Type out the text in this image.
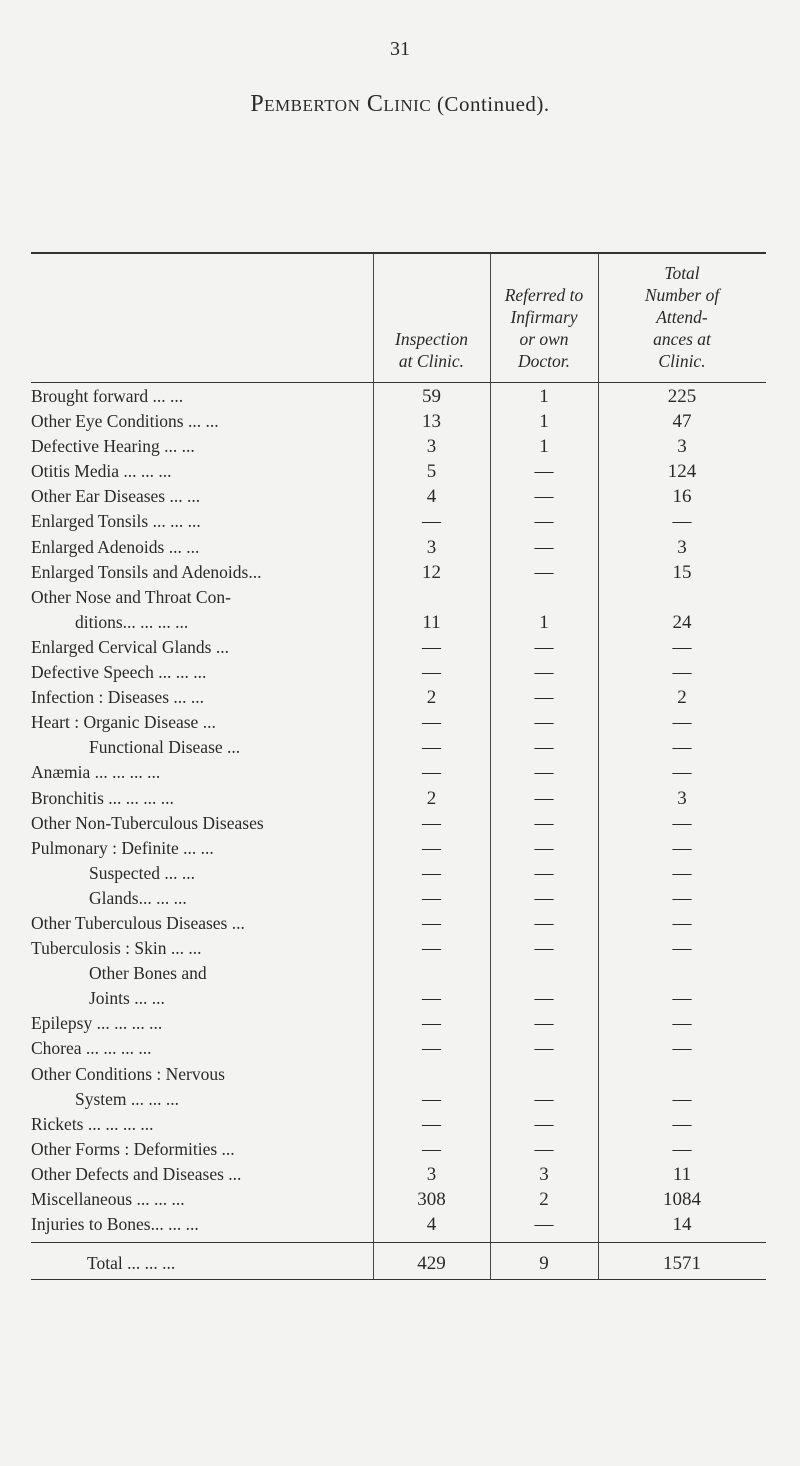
31
Pemberton Clinic (Continued).
Inspection
at Clinic.
Referred to
Infirmary
or own
Doctor.
Total
Number of
Attend-
ances at
Clinic.
Brought forward ... ...	59	1	225
Other Eye Conditions ... ...	13	1	47
Defective Hearing ... ...	3	1	3
Otitis Media ... ... ...	5	—	124
Other Ear Diseases ... ...	4	—	16
Enlarged Tonsils ... ... ...	—	—	—
Enlarged Adenoids ... ...	3	—	3
Enlarged Tonsils and Adenoids...	12	—	15
Other Nose and Throat Con-
ditions... ... ... ...	11	1	24
Enlarged Cervical Glands ...	—	—	—
Defective Speech ... ... ...	—	—	—
Infection : Diseases ... ...	2	—	2
Heart : Organic Disease ...	—	—	—
Functional Disease ...	—	—	—
Anæmia ... ... ... ...	—	—	—
Bronchitis ... ... ... ...	2	—	3
Other Non-Tuberculous Diseases	—	—	—
Pulmonary : Definite ... ...	—	—	—
Suspected ... ...	—	—	—
Glands... ... ...	—	—	—
Other Tuberculous Diseases ...	—	—	—
Tuberculosis : Skin ... ...	—	—	—
Other Bones and
Joints ... ...	—	—	—
Epilepsy ... ... ... ...	—	—	—
Chorea ... ... ... ...	—	—	—
Other Conditions : Nervous
System ... ... ...	—	—	—
Rickets ... ... ... ...	—	—	—
Other Forms : Deformities ...	—	—	—
Other Defects and Diseases ...	3	3	11
Miscellaneous ... ... ...	308	2	1084
Injuries to Bones... ... ...	4	—	14
Total ... ... ...	429	9	1571
